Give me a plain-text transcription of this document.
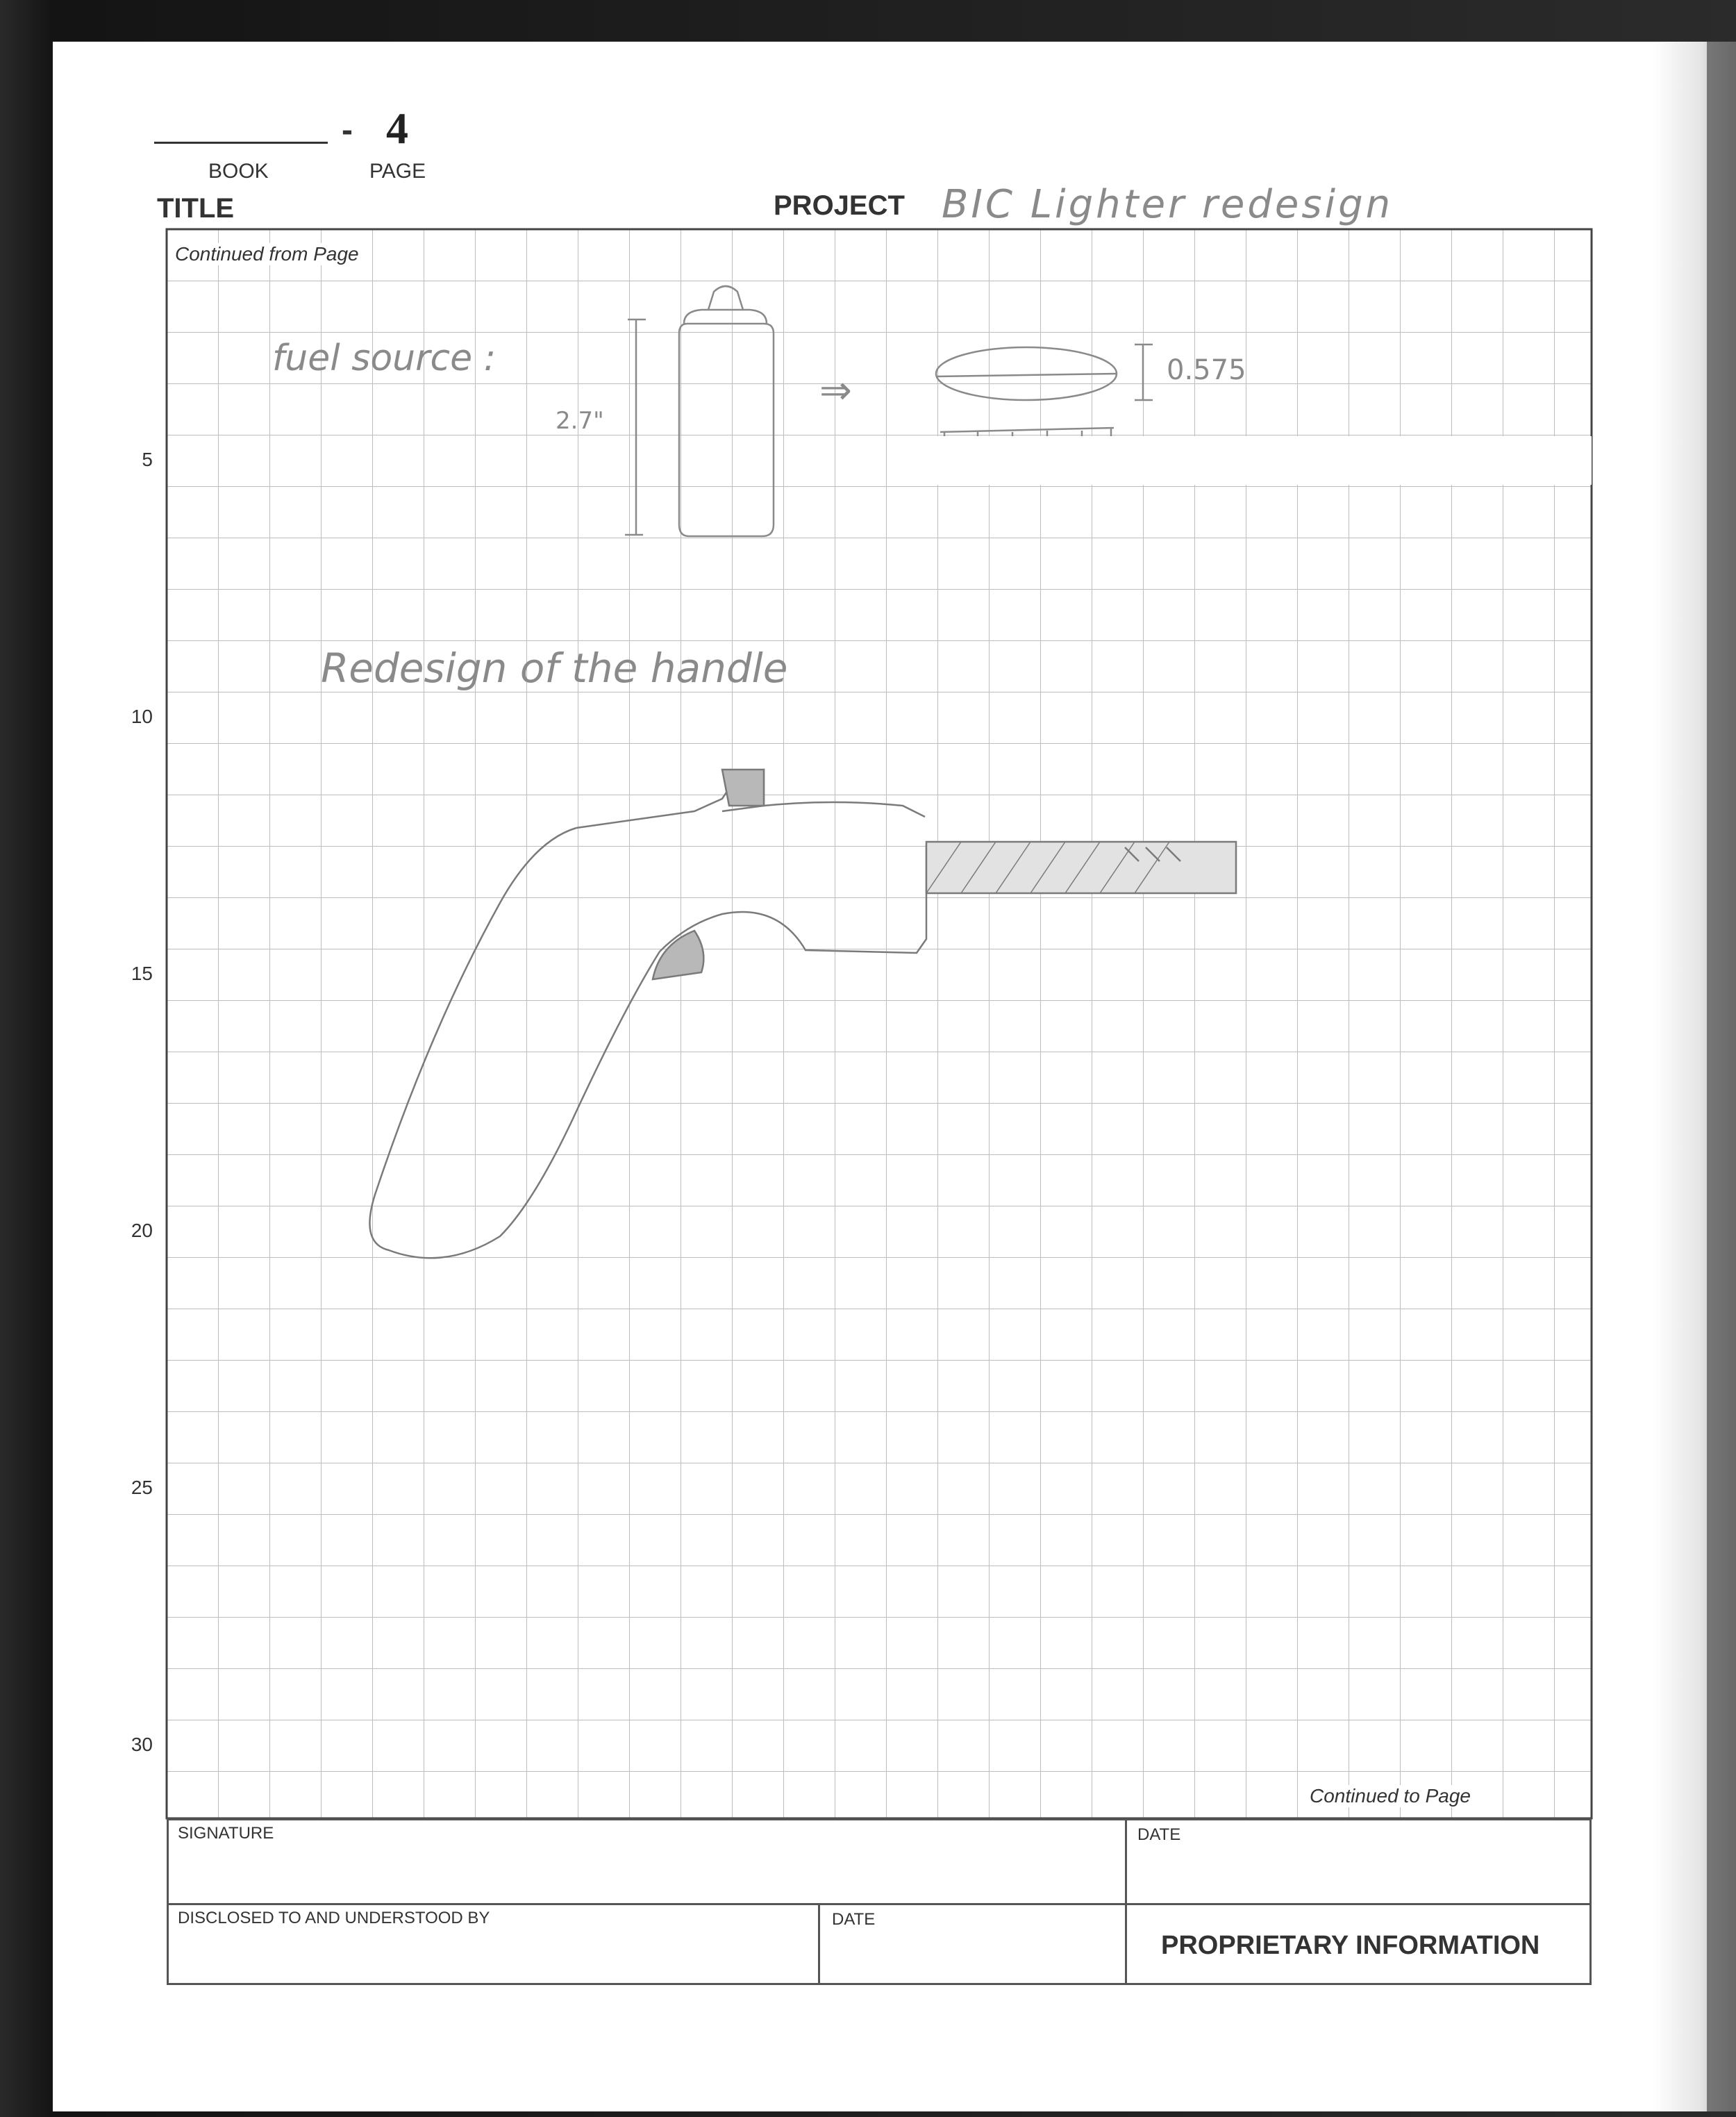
- 4
BOOK	PAGE
TITLE	PROJECT BIC Lighter redesign
Continued from Page
Continued to Page
5
10
15
20
25
30
fuel source :
2.7"
⇒	0.575
Redesign of the handle
SIGNATURE	DATE
DISCLOSED TO AND UNDERSTOOD BY	DATE
PROPRIETARY INFORMATION
